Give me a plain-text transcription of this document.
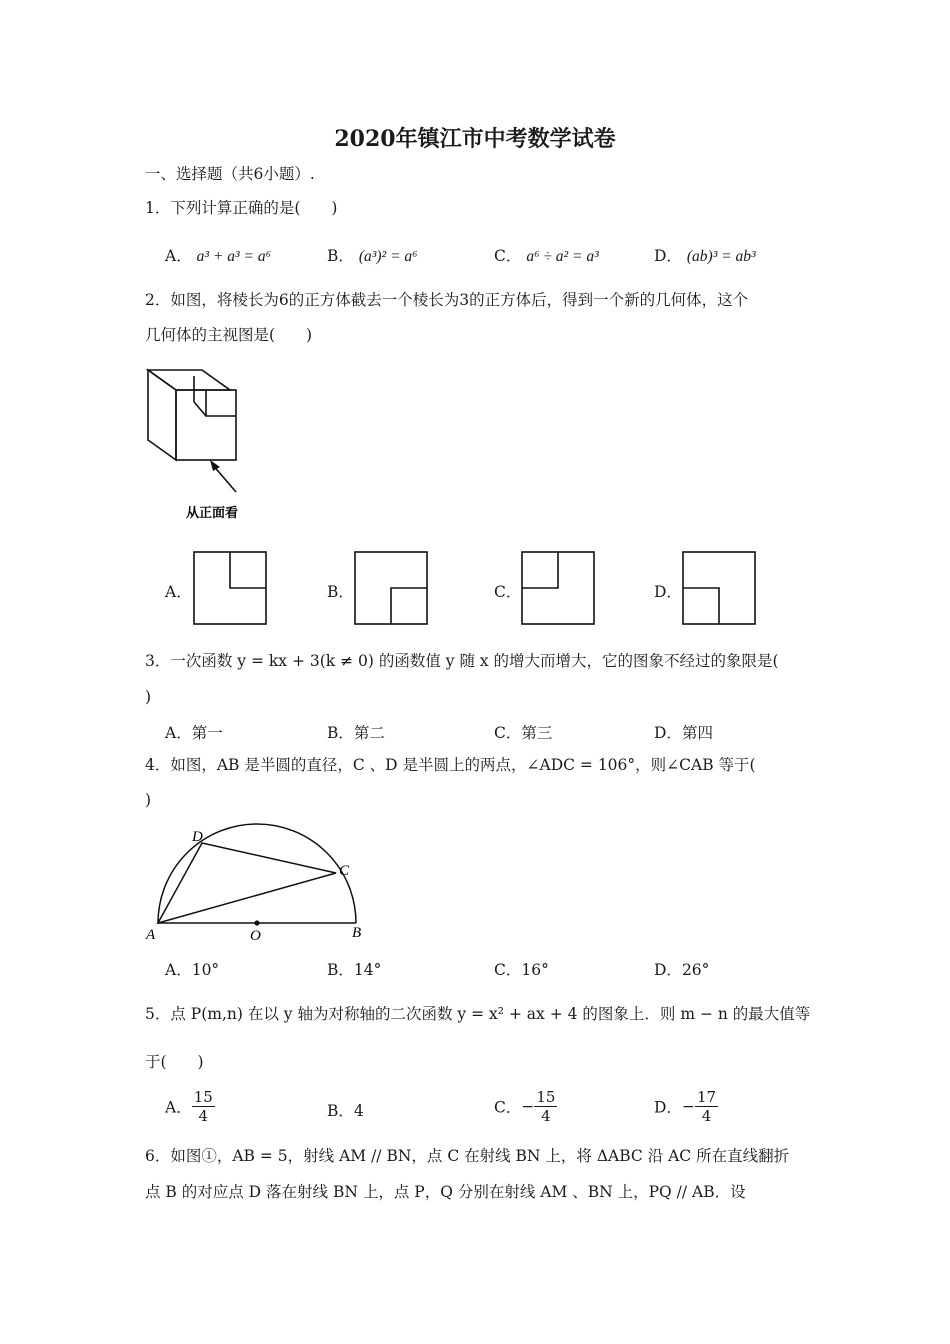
2020年镇江市中考数学试卷
一、选择题（共6小题）.
1．下列计算正确的是(　　)
A． a³ + a³ = a⁶	B． (a³)² = a⁶	C． a⁶ ÷ a² = a³	D． (ab)³ = ab³
2．如图，将棱长为6的正方体截去一个棱长为3的正方体后，得到一个新的几何体，这个
几何体的主视图是(　　)
从正面看
A．	B．	C．	D．
3．一次函数 y = kx + 3(k ≠ 0) 的函数值 y 随 x 的增大而增大，它的图象不经过的象限是(
)
A．第一	B．第二	C．第三	D．第四
4．如图，AB 是半圆的直径，C 、D 是半圆上的两点，∠ADC = 106°，则∠CAB 等于(
)
D
C
A	O	B
A．10°	B．14°	C．16°	D．26°
5．点 P(m,n) 在以 y 轴为对称轴的二次函数 y = x² + ax + 4 的图象上．则 m − n 的最大值等
于(　　)
A． $\frac{15}{4}$	B．4	C．− $\frac{15}{4}$	D．− $\frac{17}{4}$
6．如图①，AB = 5，射线 AM // BN，点 C 在射线 BN 上，将 ΔABC 沿 AC 所在直线翻折
点 B 的对应点 D 落在射线 BN 上，点 P，Q 分别在射线 AM 、BN 上，PQ // AB．设
